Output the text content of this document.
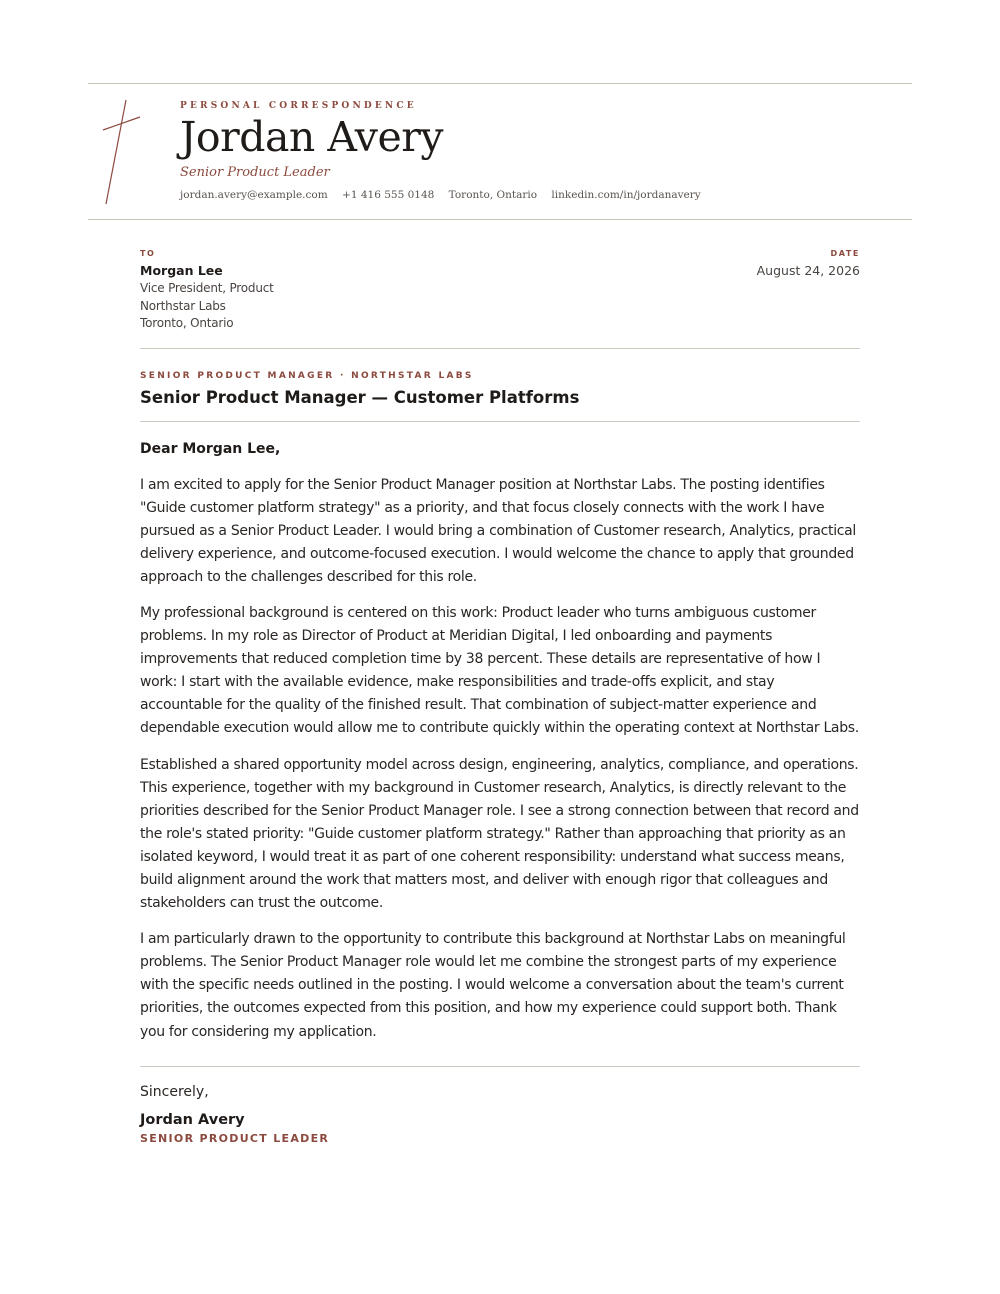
PERSONAL CORRESPONDENCE
Jordan Avery
Senior Product Leader
jordan.avery@example.com +1 416 555 0148 Toronto, Ontario linkedin.com/in/jordanavery
TO
Morgan Lee
Vice President, Product
Northstar Labs
Toronto, Ontario
DATE
August 24, 2026
SENIOR PRODUCT MANAGER · NORTHSTAR LABS
Senior Product Manager — Customer Platforms
Dear Morgan Lee,

I am excited to apply for the Senior Product Manager position at Northstar Labs. The posting identifies "Guide customer platform strategy" as a priority, and that focus closely connects with the work I have pursued as a Senior Product Leader. I would bring a combination of Customer research, Analytics, practical delivery experience, and outcome-focused execution. I would welcome the chance to apply that grounded approach to the challenges described for this role.

My professional background is centered on this work: Product leader who turns ambiguous customer problems. In my role as Director of Product at Meridian Digital, I led onboarding and payments improvements that reduced completion time by 38 percent. These details are representative of how I work: I start with the available evidence, make responsibilities and trade-offs explicit, and stay accountable for the quality of the finished result. That combination of subject-matter experience and dependable execution would allow me to contribute quickly within the operating context at Northstar Labs.

Established a shared opportunity model across design, engineering, analytics, compliance, and operations. This experience, together with my background in Customer research, Analytics, is directly relevant to the priorities described for the Senior Product Manager role. I see a strong connection between that record and the role's stated priority: "Guide customer platform strategy." Rather than approaching that priority as an isolated keyword, I would treat it as part of one coherent responsibility: understand what success means, build alignment around the work that matters most, and deliver with enough rigor that colleagues and stakeholders can trust the outcome.

I am particularly drawn to the opportunity to contribute this background at Northstar Labs on meaningful problems. The Senior Product Manager role would let me combine the strongest parts of my experience with the specific needs outlined in the posting. I would welcome a conversation about the team's current priorities, the outcomes expected from this position, and how my experience could support both. Thank you for considering my application.

Sincerely,
Jordan Avery
SENIOR PRODUCT LEADER
